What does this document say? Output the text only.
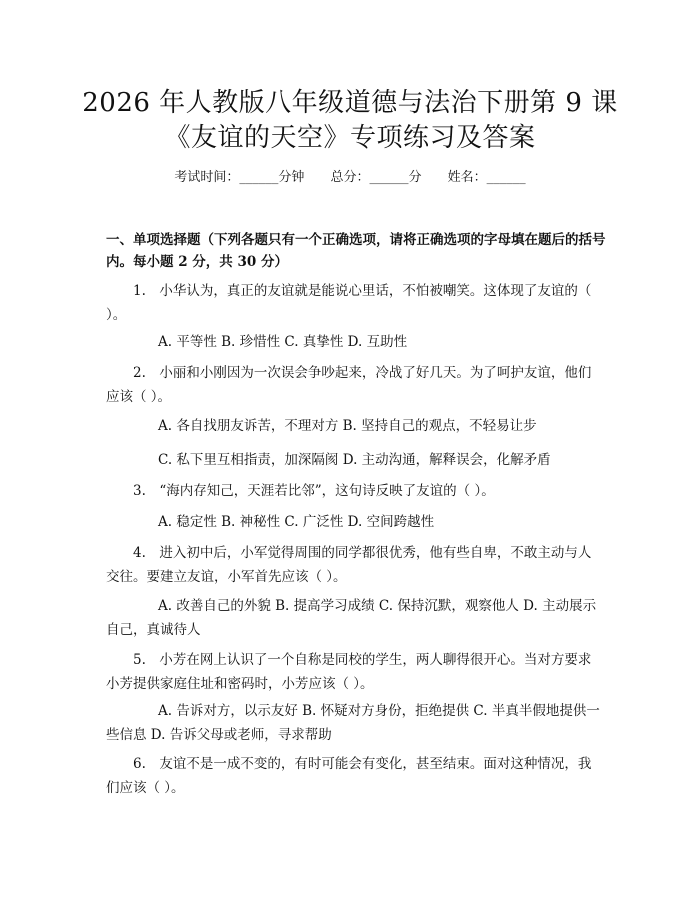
2026 年人教版八年级道德与法治下册第 9 课
《友谊的天空》专项练习及答案
考试时间：______分钟 总分：______分 姓名：______
一、单项选择题（下列各题只有一个正确选项，请将正确选项的字母填在题后的括号内。每小题 2 分，共 30 分）
1.　小华认为，真正的友谊就是能说心里话，不怕被嘲笑。这体现了友谊的（ ）。
A. 平等性 B. 珍惜性 C. 真挚性 D. 互助性
2.　小丽和小刚因为一次误会争吵起来，冷战了好几天。为了呵护友谊，他们应该（ ）。
A. 各自找朋友诉苦，不理对方 B. 坚持自己的观点，不轻易让步
C. 私下里互相指责，加深隔阂 D. 主动沟通，解释误会，化解矛盾
3.　“海内存知己，天涯若比邻”，这句诗反映了友谊的（ ）。
A. 稳定性 B. 神秘性 C. 广泛性 D. 空间跨越性
4.　进入初中后，小军觉得周围的同学都很优秀，他有些自卑，不敢主动与人交往。要建立友谊，小军首先应该（ ）。
A. 改善自己的外貌 B. 提高学习成绩 C. 保持沉默，观察他人 D. 主动展示自己，真诚待人
5.　小芳在网上认识了一个自称是同校的学生，两人聊得很开心。当对方要求小芳提供家庭住址和密码时，小芳应该（ ）。
A. 告诉对方，以示友好 B. 怀疑对方身份，拒绝提供 C. 半真半假地提供一些信息 D. 告诉父母或老师，寻求帮助
6.　友谊不是一成不变的，有时可能会有变化，甚至结束。面对这种情况，我们应该（ ）。
